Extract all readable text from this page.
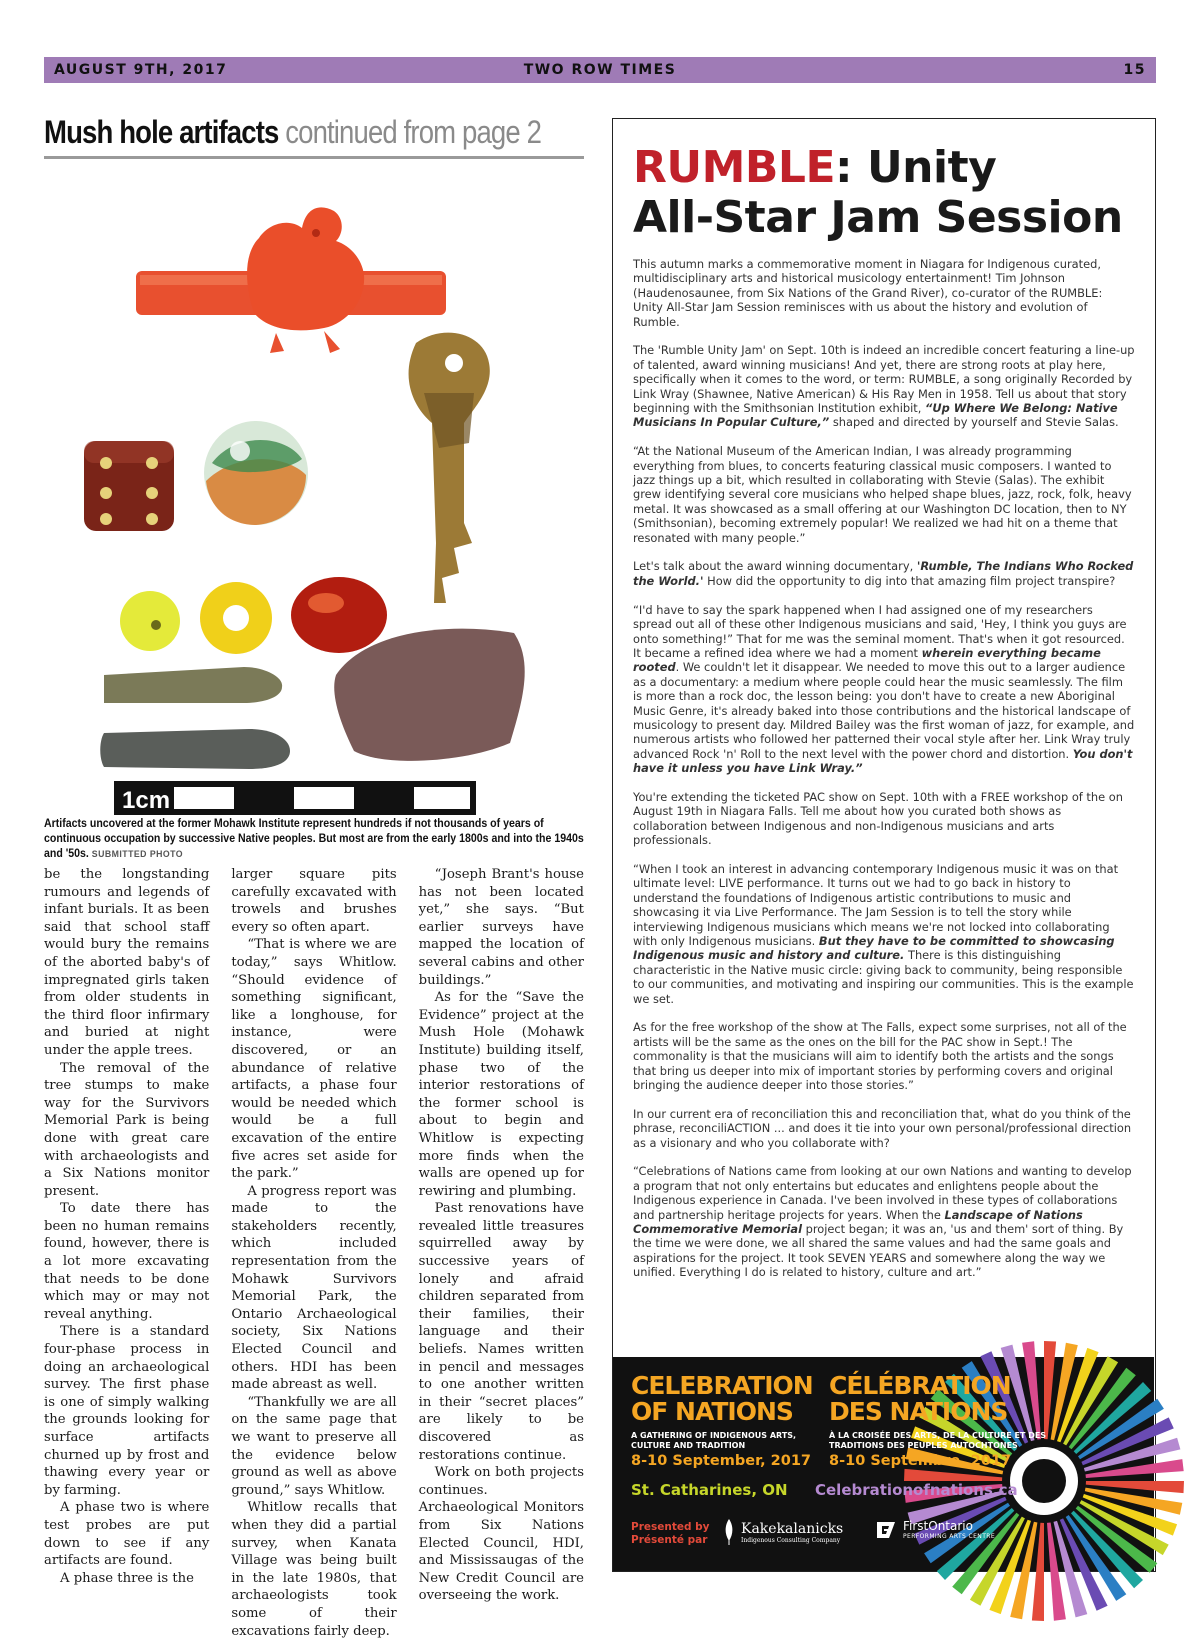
AUGUST 9TH, 2017	TWO ROW TIMES	15
Mush hole artifacts continued from page 2
1cm
Artifacts uncovered at the former Mohawk Institute represent hundreds if not thousands of years of continuous occupation by successive Native peoples. But most are from the early 1800s and into the 1940s and '50s. SUBMITTED PHOTO

be the longstanding rumours and legends of infant burials. It as been said that school staff would bury the remains of the aborted baby's of impregnated girls taken from older students in the third floor infirmary and buried at night under the apple trees.

The removal of the tree stumps to make way for the Survivors Memorial Park is being done with great care with archaeologists and a Six Nations monitor present.

To date there has been no human remains found, however, there is a lot more excavating that needs to be done which may or may not reveal anything.

There is a standard four-phase process in doing an archaeological survey. The first phase is one of simply walking the grounds looking for surface artifacts churned up by frost and thawing every year or by farming.

A phase two is where test probes are put down to see if any artifacts are found.

A phase three is the

larger square pits carefully excavated with trowels and brushes every so often apart.

“That is where we are today,” says Whitlow. “Should evidence of something significant, like a longhouse, for instance, were discovered, or an abundance of relative artifacts, a phase four would be needed which would be a full excavation of the entire five acres set aside for the park.”

A progress report was made to the stakeholders recently, which included representation from the Mohawk Survivors Memorial Park, the Ontario Archaeological society, Six Nations Elected Council and others. HDI has been made abreast as well.

“Thankfully we are all on the same page that we want to preserve all the evidence below ground as well as above ground,” says Whitlow.

Whitlow recalls that when they did a partial survey, when Kanata Village was being built in the late 1980s, that archaeologists took some of their excavations fairly deep.

“Joseph Brant's house has not been located yet,” she says. “But earlier surveys have mapped the location of several cabins and other buildings.”

As for the “Save the Evidence” project at the Mush Hole (Mohawk Institute) building itself, phase two of the interior restorations of the former school is about to begin and Whitlow is expecting more finds when the walls are opened up for rewiring and plumbing.

Past renovations have revealed little treasures squirrelled away by successive years of lonely and afraid children separated from their families, their language and their beliefs. Names written in pencil and messages to one another written in their “secret places” are likely to be discovered as restorations continue.

Work on both projects continues. Archaeological Monitors from Six Nations Elected Council, HDI, and Mississaugas of the New Credit Council are overseeing the work.

RUMBLE: Unity
All-Star Jam Session

This autumn marks a commemorative moment in Niagara for Indigenous curated, multidisciplinary arts and historical musicology entertainment! Tim Johnson (Haudenosaunee, from Six Nations of the Grand River), co-curator of the RUMBLE: Unity All-Star Jam Session reminisces with us about the history and evolution of Rumble.

The 'Rumble Unity Jam' on Sept. 10th is indeed an incredible concert featuring a line-up of talented, award winning musicians! And yet, there are strong roots at play here, specifically when it comes to the word, or term: RUMBLE, a song originally Recorded by Link Wray (Shawnee, Native American) & His Ray Men in 1958. Tell us about that story beginning with the Smithsonian Institution exhibit, “Up Where We Belong: Native Musicians In Popular Culture,” shaped and directed by yourself and Stevie Salas.

“At the National Museum of the American Indian, I was already programming everything from blues, to concerts featuring classical music composers. I wanted to jazz things up a bit, which resulted in collaborating with Stevie (Salas). The exhibit grew identifying several core musicians who helped shape blues, jazz, rock, folk, heavy metal. It was showcased as a small offering at our Washington DC location, then to NY (Smithsonian), becoming extremely popular! We realized we had hit on a theme that resonated with many people.”

Let's talk about the award winning documentary, 'Rumble, The Indians Who Rocked the World.' How did the opportunity to dig into that amazing film project transpire?

“I'd have to say the spark happened when I had assigned one of my researchers spread out all of these other Indigenous musicians and said, 'Hey, I think you guys are onto something!” That for me was the seminal moment. That's when it got resourced. It became a refined idea where we had a moment wherein everything became rooted. We couldn't let it disappear. We needed to move this out to a larger audience as a documentary: a medium where people could hear the music seamlessly. The film is more than a rock doc, the lesson being: you don't have to create a new Aboriginal Music Genre, it's already baked into those contributions and the historical landscape of musicology to present day. Mildred Bailey was the first woman of jazz, for example, and numerous artists who followed her patterned their vocal style after her. Link Wray truly advanced Rock 'n' Roll to the next level with the power chord and distortion. You don't have it unless you have Link Wray.”

You're extending the ticketed PAC show on Sept. 10th with a FREE workshop of the on August 19th in Niagara Falls. Tell me about how you curated both shows as collaboration between Indigenous and non-Indigenous musicians and arts professionals.

“When I took an interest in advancing contemporary Indigenous music it was on that ultimate level: LIVE performance. It turns out we had to go back in history to understand the foundations of Indigenous artistic contributions to music and showcasing it via Live Performance. The Jam Session is to tell the story while interviewing Indigenous musicians which means we're not locked into collaborating with only Indigenous musicians. But they have to be committed to showcasing Indigenous music and history and culture. There is this distinguishing characteristic in the Native music circle: giving back to community, being responsible to our communities, and motivating and inspiring our communities. This is the example we set.

As for the free workshop of the show at The Falls, expect some surprises, not all of the artists will be the same as the ones on the bill for the PAC show in Sept.! The commonality is that the musicians will aim to identify both the artists and the songs that bring us deeper into mix of important stories by performing covers and original bringing the audience deeper into those stories.”

In our current era of reconciliation this and reconciliation that, what do you think of the phrase, reconciliACTION ... and does it tie into your own personal/professional direction as a visionary and who you collaborate with?

“Celebrations of Nations came from looking at our own Nations and wanting to develop a program that not only entertains but educates and enlightens people about the Indigenous experience in Canada. I've been involved in these types of collaborations and partnership heritage projects for years. When the Landscape of Nations Commemorative Memorial project began; it was an, 'us and them' sort of thing. By the time we were done, we all shared the same values and had the same goals and aspirations for the project. It took SEVEN YEARS and somewhere along the way we unified. Everything I do is related to history, culture and art.”

CELEBRATION OF NATIONS
CÉLÉBRATION DES NATIONS
A GATHERING OF INDIGENOUS ARTS, CULTURE AND TRADITION
À LA CROISÉE DES ARTS, DE LA CULTURE ET DES TRADITIONS DES PEUPLES AUTOCHTONES
8-10 September, 2017 8-10 Septembre, 2017
St. Catharines, ON Celebrationofnations.ca
Presented by
Présenté par
Kakekalanicks
Indigenous Consulting Company
FirstOntario
PERFORMING ARTS CENTRE
